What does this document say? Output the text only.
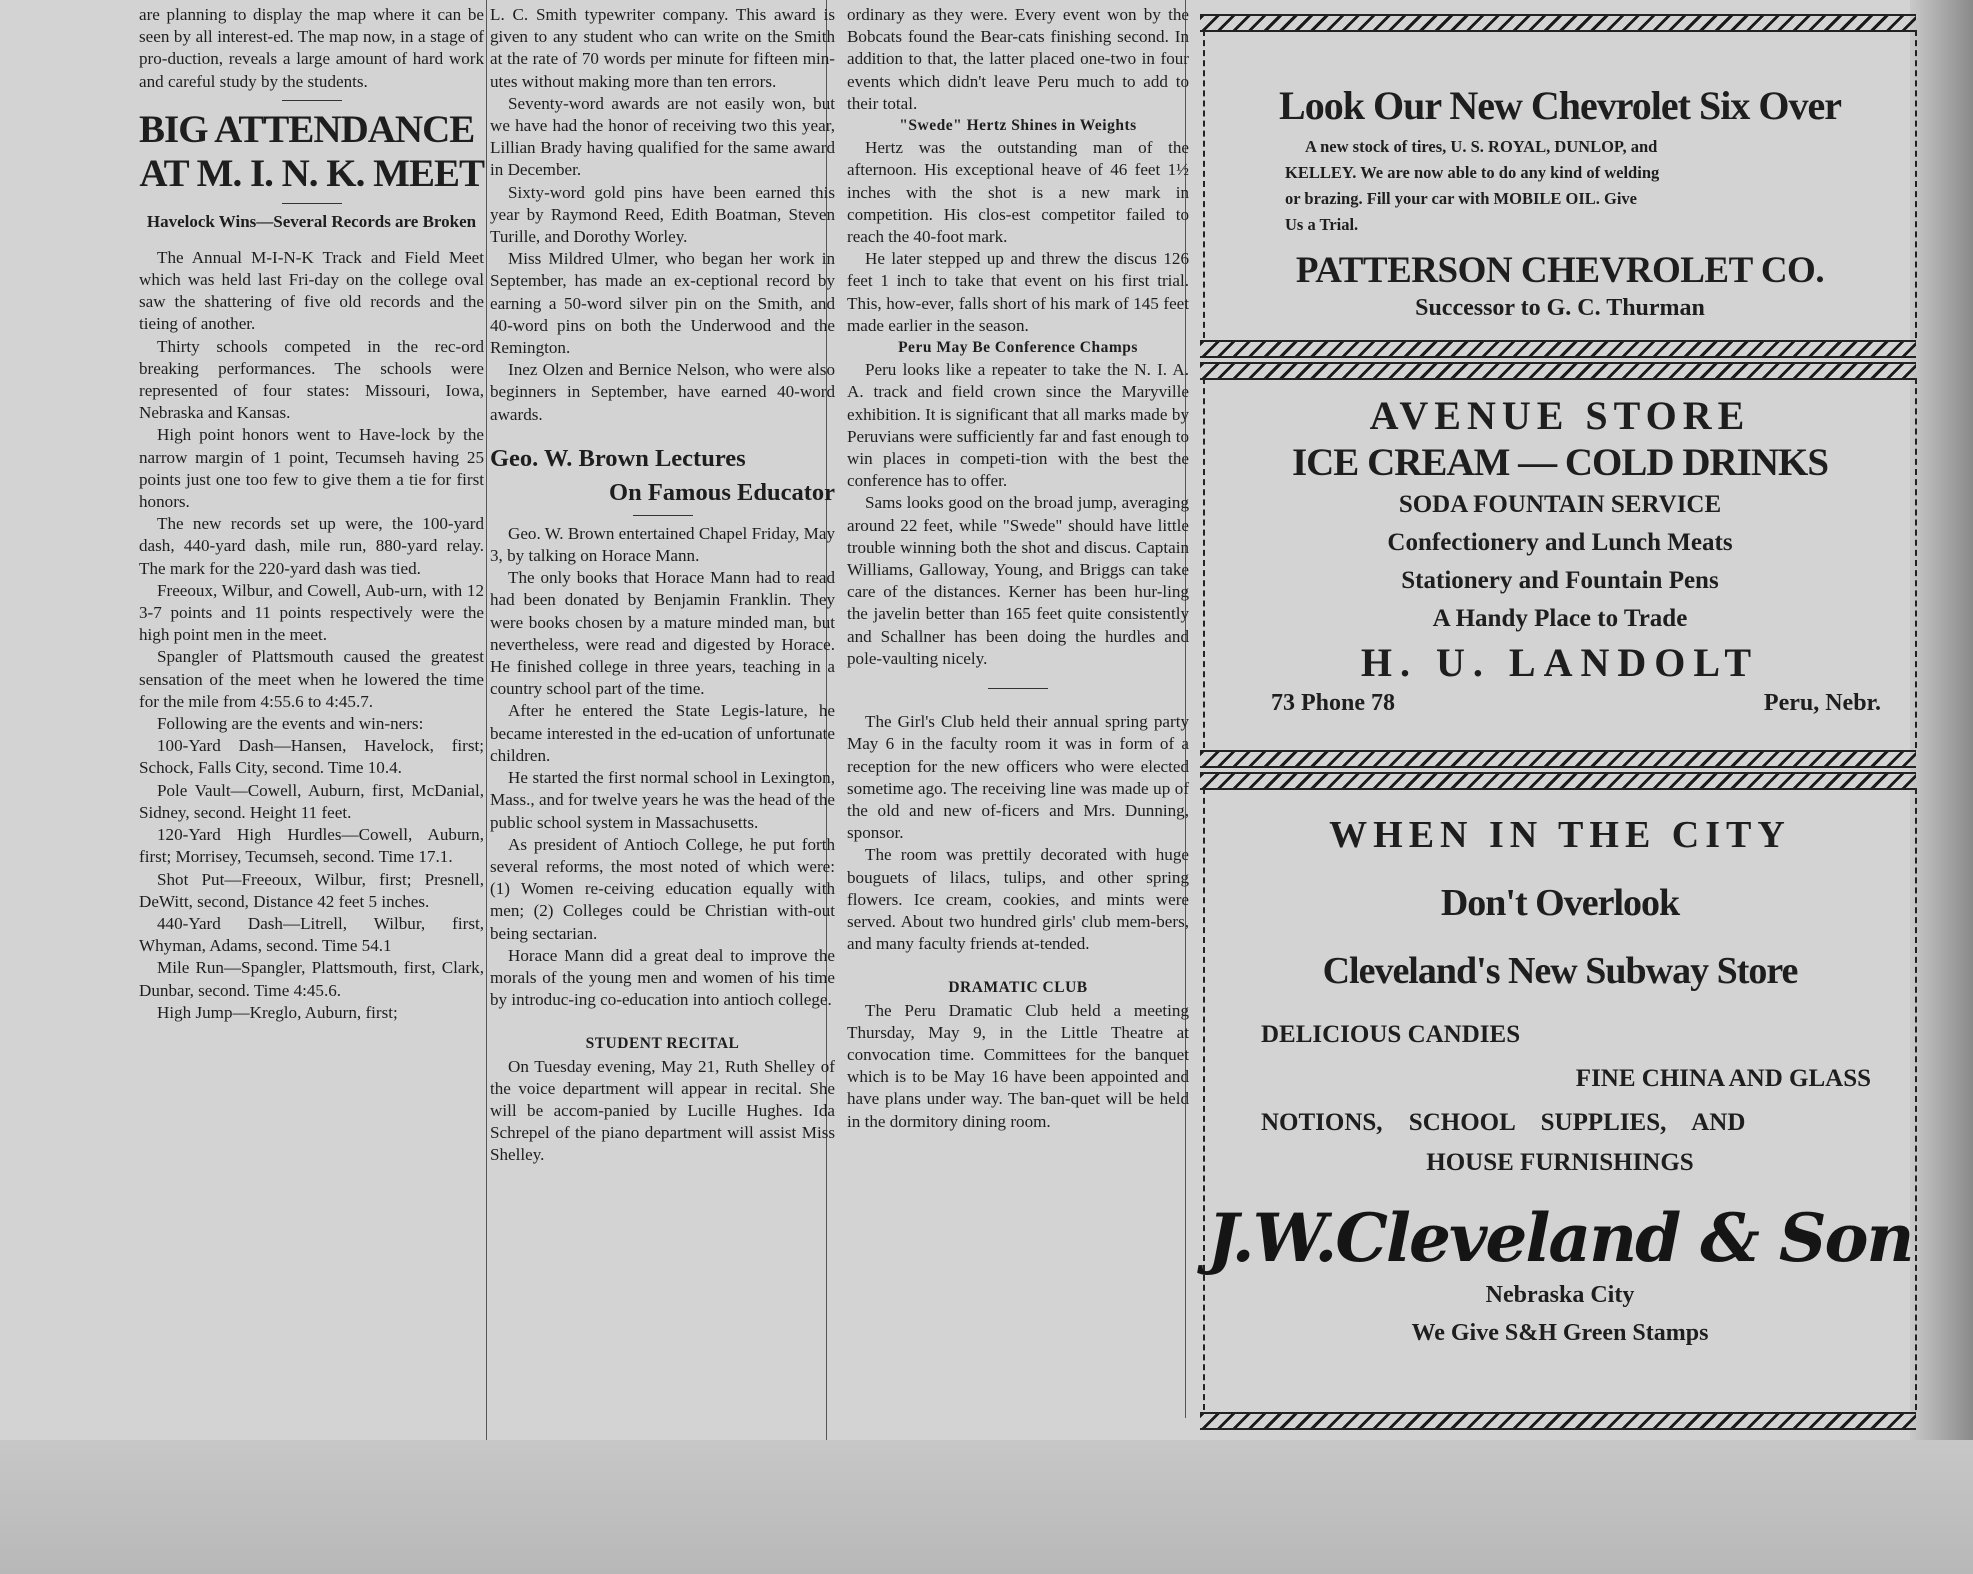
are planning to display the map where it can be seen by all interest-ed. The map now, in a stage of pro-duction, reveals a large amount of hard work and careful study by the students.

BIG ATTENDANCE
AT M. I. N. K. MEET
Havelock Wins—Several Records are Broken

The Annual M-I-N-K Track and Field Meet which was held last Fri-day on the college oval saw the shattering of five old records and the tieing of another.

Thirty schools competed in the rec-ord breaking performances. The schools were represented of four states: Missouri, Iowa, Nebraska and Kansas.

High point honors went to Have-lock by the narrow margin of 1 point, Tecumseh having 25 points just one too few to give them a tie for first honors.

The new records set up were, the 100-yard dash, 440-yard dash, mile run, 880-yard relay. The mark for the 220-yard dash was tied.

Freeoux, Wilbur, and Cowell, Aub-urn, with 12 3-7 points and 11 points respectively were the high point men in the meet.

Spangler of Plattsmouth caused the greatest sensation of the meet when he lowered the time for the mile from 4:55.6 to 4:45.7.

Following are the events and win-ners:

100-Yard Dash—Hansen, Havelock, first; Schock, Falls City, second. Time 10.4.

Pole Vault—Cowell, Auburn, first, McDanial, Sidney, second. Height 11 feet.

120-Yard High Hurdles—Cowell, Auburn, first; Morrisey, Tecumseh, second. Time 17.1.

Shot Put—Freeoux, Wilbur, first; Presnell, DeWitt, second, Distance 42 feet 5 inches.

440-Yard Dash—Litrell, Wilbur, first, Whyman, Adams, second. Time 54.1

Mile Run—Spangler, Plattsmouth, first, Clark, Dunbar, second. Time 4:45.6.

High Jump—Kreglo, Auburn, first;

L. C. Smith typewriter company. This award is given to any student who can write on the Smith at the rate of 70 words per minute for fifteen min-utes without making more than ten errors.

Seventy-word awards are not easily won, but we have had the honor of receiving two this year, Lillian Brady having qualified for the same award in December.

Sixty-word gold pins have been earned this year by Raymond Reed, Edith Boatman, Steven Turille, and Dorothy Worley.

Miss Mildred Ulmer, who began her work in September, has made an ex-ceptional record by earning a 50-word silver pin on the Smith, and 40-word pins on both the Underwood and the Remington.

Inez Olzen and Bernice Nelson, who were also beginners in September, have earned 40-word awards.

Geo. W. Brown Lectures
On Famous Educator

Geo. W. Brown entertained Chapel Friday, May 3, by talking on Horace Mann.

The only books that Horace Mann had to read had been donated by Benjamin Franklin. They were books chosen by a mature minded man, but nevertheless, were read and digested by Horace. He finished college in three years, teaching in a country school part of the time.

After he entered the State Legis-lature, he became interested in the ed-ucation of unfortunate children.

He started the first normal school in Lexington, Mass., and for twelve years he was the head of the public school system in Massachusetts.

As president of Antioch College, he put forth several reforms, the most noted of which were: (1) Women re-ceiving education equally with men; (2) Colleges could be Christian with-out being sectarian.

Horace Mann did a great deal to improve the morals of the young men and women of his time by introduc-ing co-education into antioch college.

STUDENT RECITAL

On Tuesday evening, May 21, Ruth Shelley of the voice department will appear in recital. She will be accom-panied by Lucille Hughes. Ida Schrepel of the piano department will assist Miss Shelley.

ordinary as they were. Every event won by the Bobcats found the Bear-cats finishing second. In addition to that, the latter placed one-two in four events which didn't leave Peru much to add to their total.

"Swede" Hertz Shines in Weights

Hertz was the outstanding man of the afternoon. His exceptional heave of 46 feet 1½ inches with the shot is a new mark in competition. His clos-est competitor failed to reach the 40-foot mark.

He later stepped up and threw the discus 126 feet 1 inch to take that event on his first trial. This, how-ever, falls short of his mark of 145 feet made earlier in the season.

Peru May Be Conference Champs

Peru looks like a repeater to take the N. I. A. A. track and field crown since the Maryville exhibition. It is significant that all marks made by Peruvians were sufficiently far and fast enough to win places in competi-tion with the best the conference has to offer.

Sams looks good on the broad jump, averaging around 22 feet, while "Swede" should have little trouble winning both the shot and discus. Captain Williams, Galloway, Young, and Briggs can take care of the distances. Kerner has been hur-ling the javelin better than 165 feet quite consistently and Schallner has been doing the hurdles and pole-vaulting nicely.

The Girl's Club held their annual spring party May 6 in the faculty room it was in form of a reception for the new officers who were elected sometime ago. The receiving line was made up of the old and new of-ficers and Mrs. Dunning, sponsor.

The room was prettily decorated with huge bouguets of lilacs, tulips, and other spring flowers. Ice cream, cookies, and mints were served. About two hundred girls' club mem-bers, and many faculty friends at-tended.

DRAMATIC CLUB

The Peru Dramatic Club held a meeting Thursday, May 9, in the Little Theatre at convocation time. Committees for the banquet which is to be May 16 have been appointed and have plans under way. The ban-quet will be held in the dormitory dining room.

Look Our New Chevrolet Six Over
A new stock of tires, U. S. ROYAL, DUNLOP, and
KELLEY. We are now able to do any kind of welding
or brazing. Fill your car with MOBILE OIL. Give
Us a Trial.
PATTERSON CHEVROLET CO.
Successor to G. C. Thurman
AVENUE STORE
ICE CREAM — COLD DRINKS
SODA FOUNTAIN SERVICE
Confectionery and Lunch Meats
Stationery and Fountain Pens
A Handy Place to Trade
H. U. LANDOLT
73 Phone 78	Peru, Nebr.
WHEN IN THE CITY
Don't Overlook
Cleveland's New Subway Store
DELICIOUS CANDIES
FINE CHINA AND GLASS
NOTIONS, SCHOOL SUPPLIES, AND
HOUSE FURNISHINGS
J.W.Cleveland & Son
Nebraska City
We Give S&H Green Stamps
